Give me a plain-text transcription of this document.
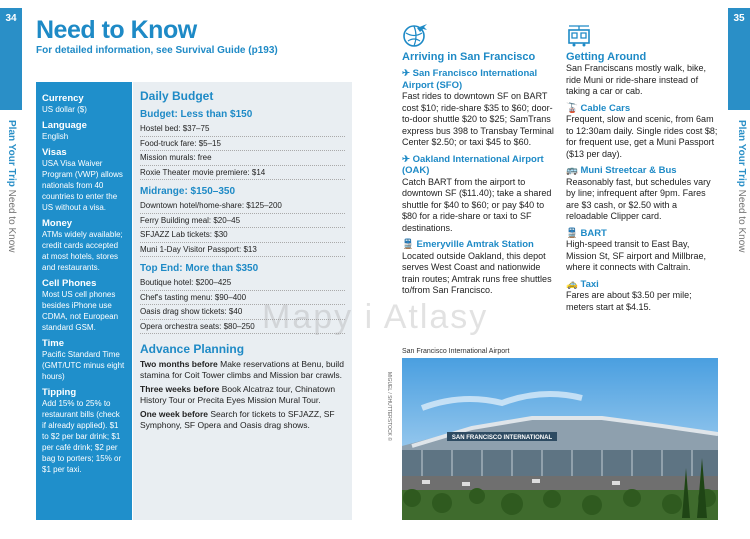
34	35
Plan Your Trip Need to Know
Plan Your Trip Need to Know
Need to Know
For detailed information, see Survival Guide (p193)
Currency
US dollar ($)
Language
English
Visas
USA Visa Waiver Program (VWP) allows nationals from 40 countries to enter the US without a visa.
Money
ATMs widely available; credit cards accepted at most hotels, stores and restaurants.
Cell Phones
Most US cell phones besides iPhone use CDMA, not European standard GSM.
Time
Pacific Standard Time (GMT/UTC minus eight hours)
Tipping
Add 15% to 25% to restaurant bills (check if already applied). $1 to $2 per bar drink; $1 per café drink; $2 per bag to porters; 15% or $1 per taxi.
Daily Budget
Budget: Less than $150
Hostel bed: $37–75
Food-truck fare: $5–15
Mission murals: free
Roxie Theater movie premiere: $14
Midrange: $150–350
Downtown hotel/home-share: $125–200
Ferry Building meal: $20–45
SFJAZZ Lab tickets: $30
Muni 1-Day Visitor Passport: $13
Top End: More than $350
Boutique hotel: $200–425
Chef's tasting menu: $90–400
Oasis drag show tickets: $40
Opera orchestra seats: $80–250
Advance Planning
Two months before Make reservations at Benu, build stamina for Coit Tower climbs and Mission bar crawls.
Three weeks before Book Alcatraz tour, Chinatown History Tour or Precita Eyes Mission Mural Tour.
One week before Search for tickets to SFJAZZ, SF Symphony, SF Opera and Oasis drag shows.
Arriving in San Francisco
✈ San Francisco International Airport (SFO)
Fast rides to downtown SF on BART cost $10; ride-share $35 to $60; door-to-door shuttle $20 to $25; SamTrans express bus 398 to Transbay Terminal Center $2.50; or taxi $45 to $60.
✈ Oakland International Airport (OAK)
Catch BART from the airport to downtown SF ($11.40); take a shared shuttle for $40 to $60; or pay $40 to $80 for a ride-share or taxi to SF destinations.
🚆 Emeryville Amtrak Station
Located outside Oakland, this depot serves West Coast and nationwide train routes; Amtrak runs free shuttles to/from San Francisco.
Getting Around
San Franciscans mostly walk, bike, ride Muni or ride-share instead of taking a car or cab.
🚡 Cable Cars
Frequent, slow and scenic, from 6am to 12:30am daily. Single rides cost $8; for frequent use, get a Muni Passport ($13 per day).
🚌 Muni Streetcar & Bus
Reasonably fast, but schedules vary by line; infrequent after 9pm. Fares are $3 cash, or $2.50 with a reloadable Clipper card.
🚆 BART
High-speed transit to East Bay, Mission St, SF airport and Millbrae, where it connects with Caltrain.
🚕 Taxi
Fares are about $3.50 per mile; meters start at $4.15.
San Francisco International Airport
MIGUEL / SHUTTERSTOCK ©	SAN FRANCISCO INTERNATIONAL
Mapy i Atlasy
